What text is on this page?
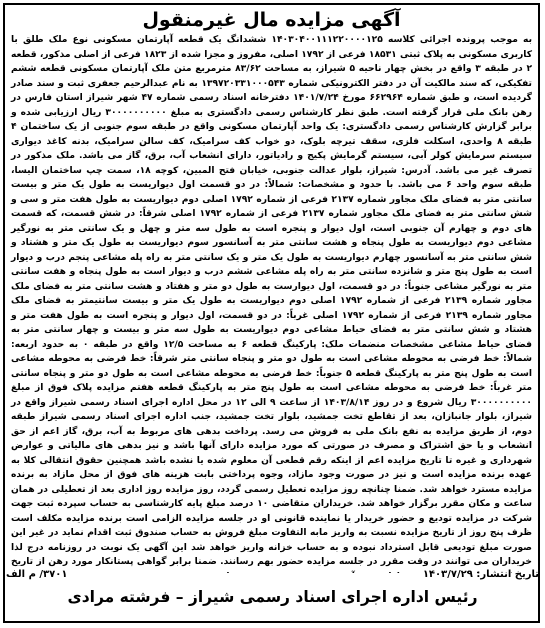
آگهی مزایده مال غیرمنقول
به موجب پرونده اجرائی کلاسه ۱۴۰۳۰۴۰۰۱۱۱۲۲۰۰۰۰۱۲۵ ششدانگ یک قطعه آپارتمان مسکونی نوع ملک طلق با کاربری مسکونی به پلاک ثبتی ۱۸۵۳۱ فرعی از ۱۷۹۲ اصلی، مفروز و مجزا شده از ۱۸۲۳ فرعی از اصلی مذکور، قطعه ۲ در طبقه ۳ واقع در بخش چهار ناحیه ۵ شیراز، به مساحت ۸۳/۶۲ مترمربع متن ملک آپارتمان مسکونی قطعه ششم تفکیکی، که سند مالکیت آن در دفتر الکترونیکی شماره ۱۳۹۷۲۰۳۳۱۰۰۰۵۴۳ به نام عبدالرحیم جعفری ثبت و سند صادر گردیده است، و طبق شماره ۶۶۲۹۶۴ مورخ ۱۴۰۱/۷/۲۴ دفترخانه اسناد رسمی شماره ۴۷ شهر شیراز استان فارس در رهن بانک ملی قرار گرفته است. طبق نظر کارشناس رسمی دادگستری به مبلغ ۳۰۰۰۰۰۰۰۰۰۰ ریال ارزیابی شده و برابر گزارش کارشناس رسمی دادگستری: یک واحد آپارتمان مسکونی واقع در طبقه سوم جنوبی از یک ساختمان ۴ طبقه ۸ واحدی، اسکلت فلزی، سقف تیرچه بلوک، دو خواب کف سرامیک، کف سالن سرامیک، بدنه کاغذ دیواری سیستم سرمایش کولر آبی، سیستم گرمایش پکیج و رادیاتور، دارای انشعاب آب، برق، گاز می باشد. ملک مذکور در تصرف غیر می باشد. آدرس: شیراز، بلوار عدالت جنوبی، خیابان فتح المبین، کوچه ۱۸، سمت چپ ساختمان الیسا، طبقه سوم واحد ۶ می باشد. با حدود و مشخصات: شمالاً: در دو قسمت اول دیواریست به طول یک متر و بیست سانتی متر به فضای ملک مجاور شماره ۲۱۳۷ فرعی از شماره ۱۷۹۲ اصلی دوم دیواریست به طول هفت متر و سی و شش سانتی متر به فضای ملک مجاور شماره ۲۱۳۷ فرعی از شماره ۱۷۹۲ اصلی شرقاً: در شش قسمت، که قسمت های دوم و چهارم آن جنوبی است، اول دیوار و پنجره است به طول سه متر و چهل و یک سانتی متر به نورگیر مشاعی دوم دیواریست به طول پنجاه و هشت سانتی متر به آسانسور سوم دیواریست به طول یک متر و هشتاد و شش سانتی متر به آسانسور چهارم دیواریست به طول یک متر و یک سانتی متر به راه پله مشاعی پنجم درب و دیوار است به طول پنج متر و شانزده سانتی متر به راه پله مشاعی ششم درب و دیوار است به طول پنجاه و هفت سانتی متر به نورگیر مشاعی جنوباً: در دو قسمت، اول دیوارست به طول دو متر و هفتاد و هشت سانتی متر به فضای ملک مجاور شماره ۲۱۳۹ فرعی از شماره ۱۷۹۲ اصلی دوم دیواریست به طول یک متر و بیست سانتیمتر به فضای ملک مجاور شماره ۲۱۳۹ فرعی از شماره ۱۷۹۲ اصلی غرباً: در دو قسمت، اول دیوار و پنجره است به طول هفت متر و هشتاد و شش سانتی متر به فضای حیاط مشاعی دوم دیواریست به طول سه متر و بیست و چهار سانتی متر به فضای حیاط مشاعی مشخصات منضمات ملک: پارکینگ قطعه ۶ به مساحت ۱۲/۵ واقع در طبقه ۰ به حدود اربعه: شمالاً: خط فرضی به محوطه مشاعی است به طول دو متر و پنجاه سانتی متر شرقاً: خط فرضی به محوطه مشاعی است به طول پنج متر به پارکینگ قطعه ۵ جنوباً: خط فرضی به محوطه مشاعی است به طول دو متر و پنجاه سانتی متر غرباً: خط فرضی به محوطه مشاعی است به طول پنج متر به پارکینگ قطعه هفتم مزایده پلاک فوق از مبلغ ۳۰۰۰۰۰۰۰۰۰۰ ریال شروع و در روز ۱۴۰۳/۸/۱۴ از ساعت ۹ الی ۱۲ در محل اداره اجرای اسناد رسمی شیراز واقع در شیراز، بلوار جانبازان، بعد از تقاطع تخت جمشید، بلوار تخت جمشید، جنب اداره اجرای اسناد رسمی شیراز طبقه دوم، از طریق مزایده به نفع بانک ملی به فروش می رسد. پرداخت بدهی های مربوط به آب، برق، گاز اعم از حق انشعاب و یا حق اشتراک و مصرف در صورتی که مورد مزایده دارای آنها باشد و نیز بدهی های مالیاتی و عوارض شهرداری و غیره تا تاریخ مزایده اعم از اینکه رقم قطعی آن معلوم شده یا نشده باشد همچنین حقوق انتقالی کلا به عهده برنده مزایده است و نیز در صورت وجود مازاد، وجوه پرداختی بابت هزینه های فوق از محل مازاد به برنده مزایده مسترد خواهد شد. ضمنا چنانچه روز مزایده تعطیل رسمی گردد، روز مزایده روز اداری بعد از تعطیلی در همان ساعت و مکان مقرر برگزار خواهد شد. خریداران متقاضی ۱۰ درصد مبلغ پایه کارشناسی به حساب سپرده ثبت جهت شرکت در مزایده تودیع و حضور خریدار یا نماینده قانونی او در جلسه مزایده الزامی است برنده مزایده مکلف است ظرف پنج روز از تاریخ مزایده نسبت به واریز مابه التفاوت مبلغ فروش به حساب صندوق ثبت اقدام نماید در غیر این صورت مبلغ تودیعی قابل استرداد نبوده و به حساب خزانه واریز خواهد شد این آگهی یک نوبت در روزنامه درج لذا خریداران می توانند در وقت مقرر در جلسه مزایده حضور بهم رسانند. ضمنا برابر گواهی پستانکار مورد رهن از تاریخ
تاریخ انتشار: ۱۴۰۳/۷/۲۹
۳۷۰۱/ م الف
رئیس اداره اجرای اسناد رسمی شیراز – فرشته مرادی
